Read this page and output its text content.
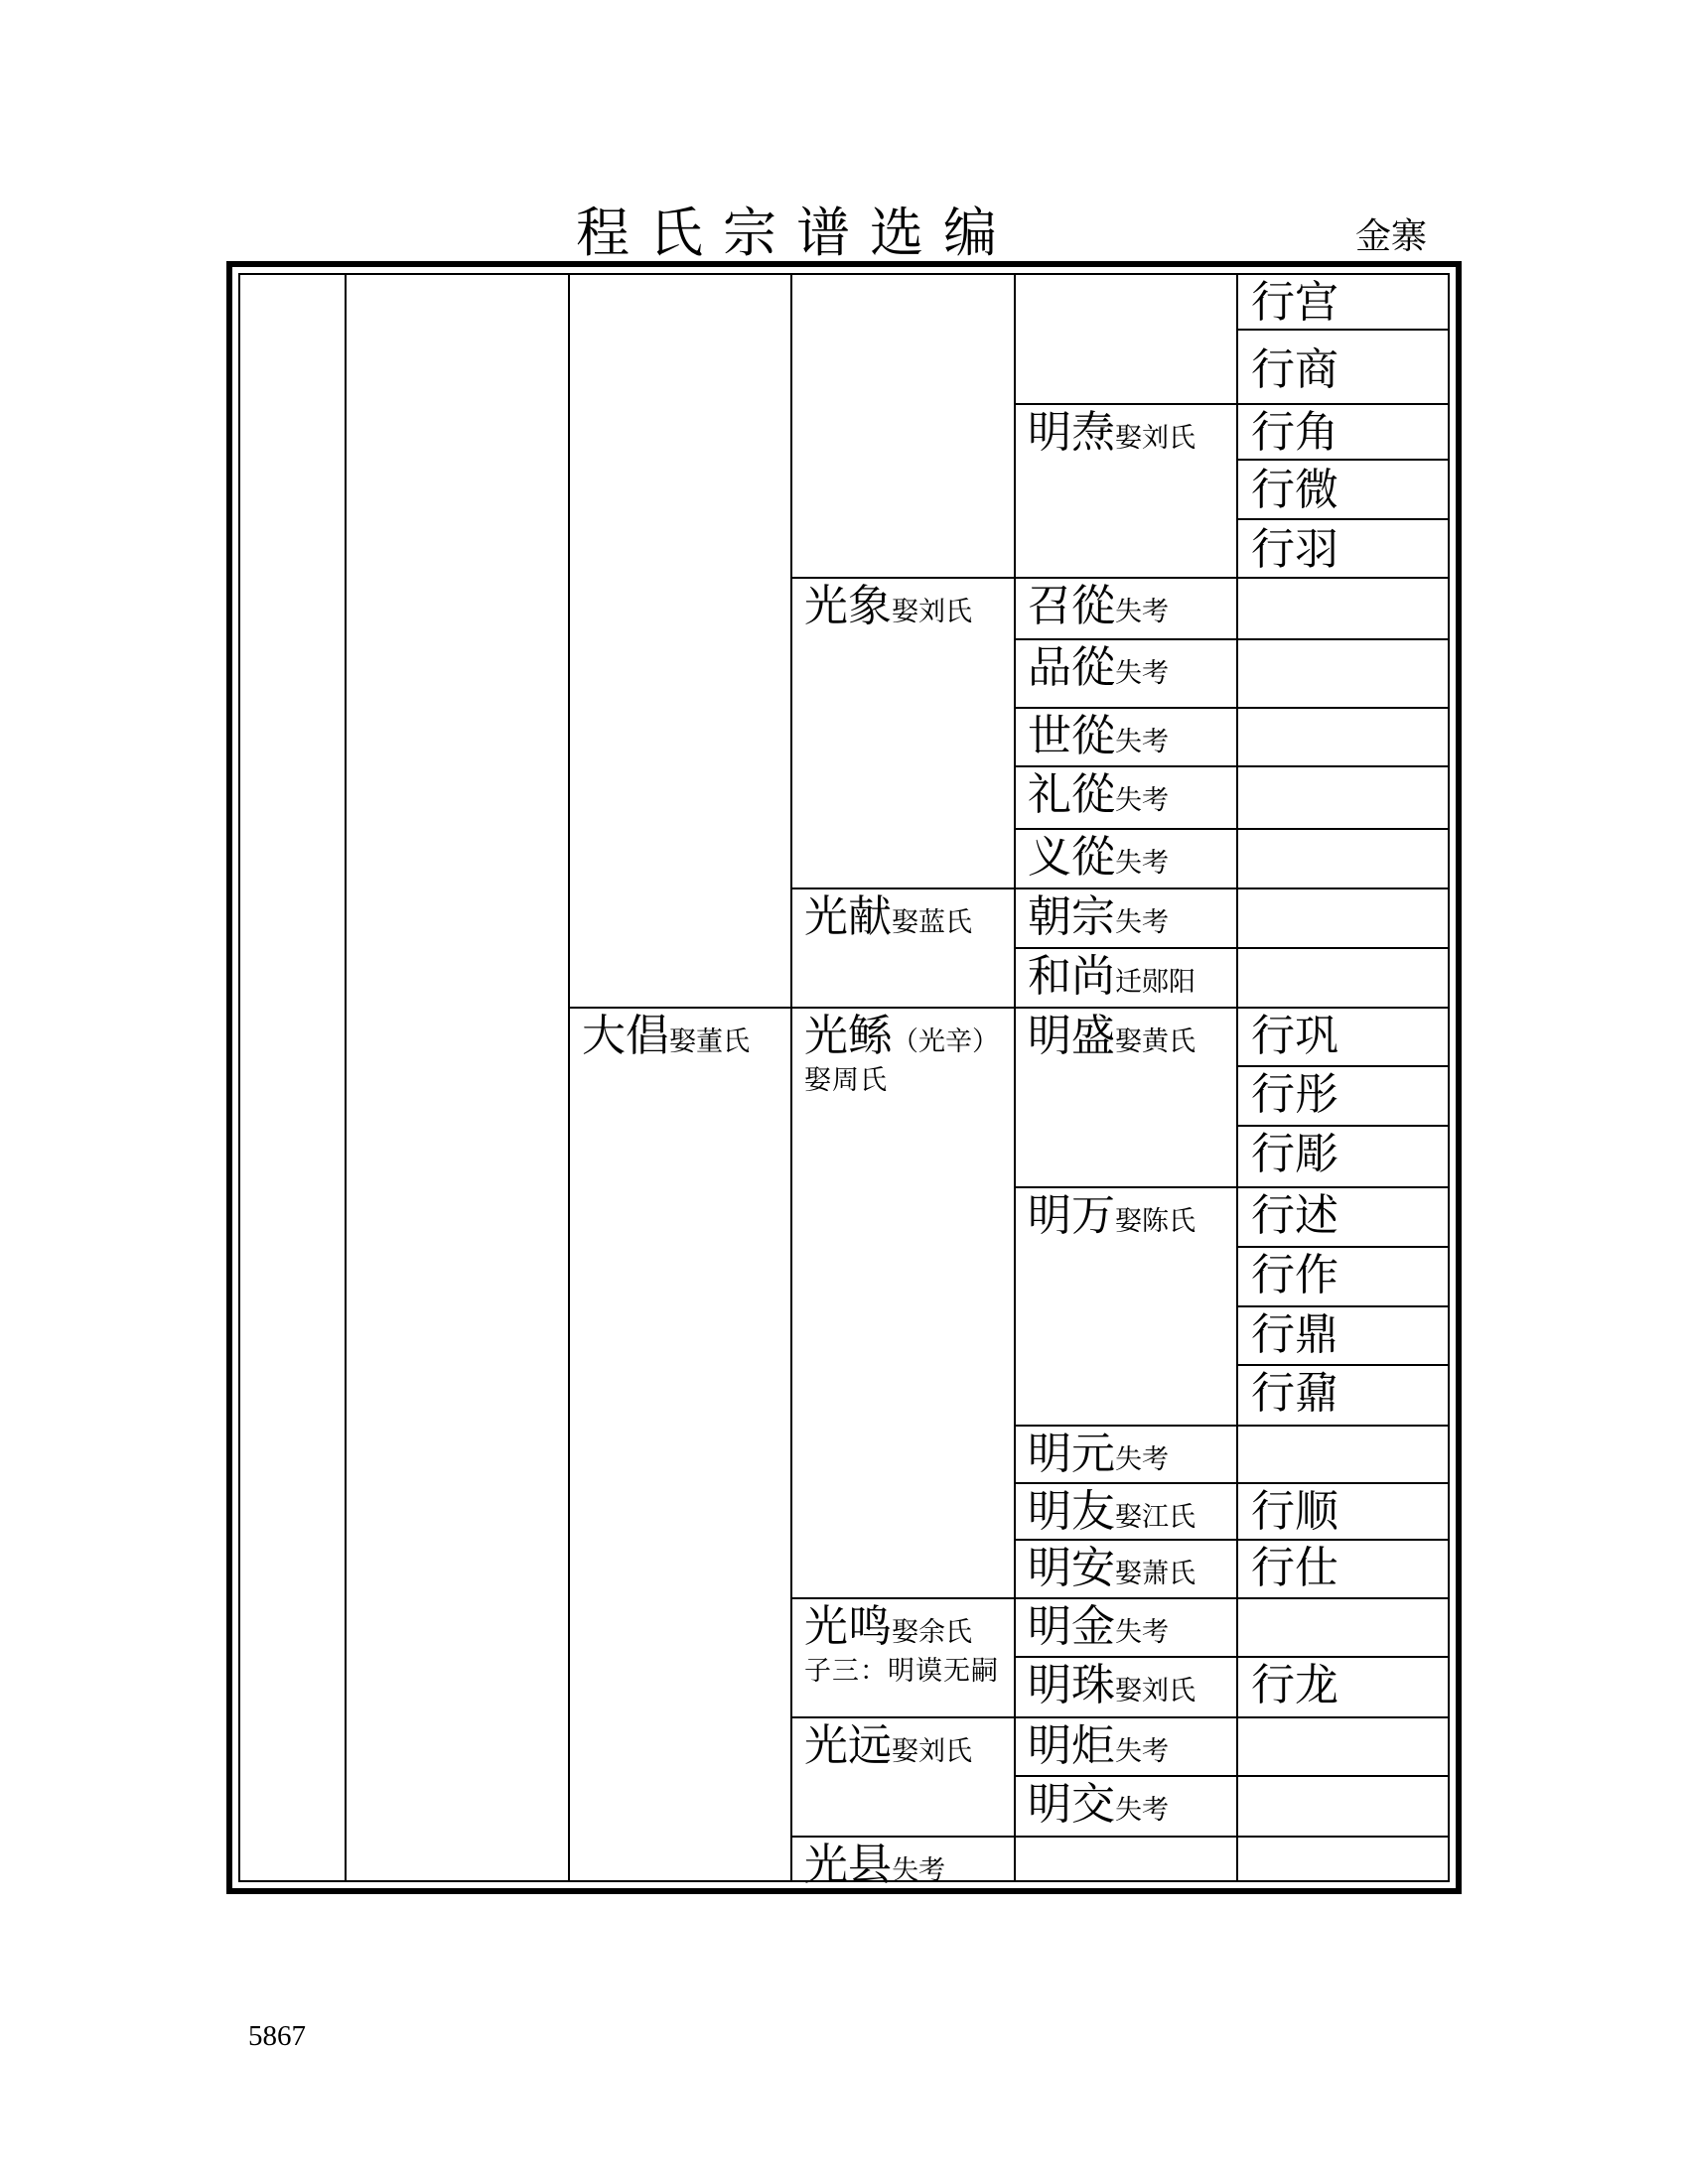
程氏宗谱选编	金寨
大倡娶董氏
光象娶刘氏
光献娶蓝氏
光鲧（光辛）
娶周氏
光鸣娶余氏
子三：明谟无嗣
光远娶刘氏
光县失考
明焘娶刘氏
召從失考
品從失考
世從失考
礼從失考
义從失考
朝宗失考
和尚迁郧阳
明盛娶黄氏
明万娶陈氏
明元失考
明友娶江氏
明安娶萧氏
明金失考
明珠娶刘氏
明炬失考
明交失考
行宫
行商
行角
行微
行羽
行巩
行彤
行彫
行述
行作
行鼎
行鼐
行顺
行仕
行龙
5867
